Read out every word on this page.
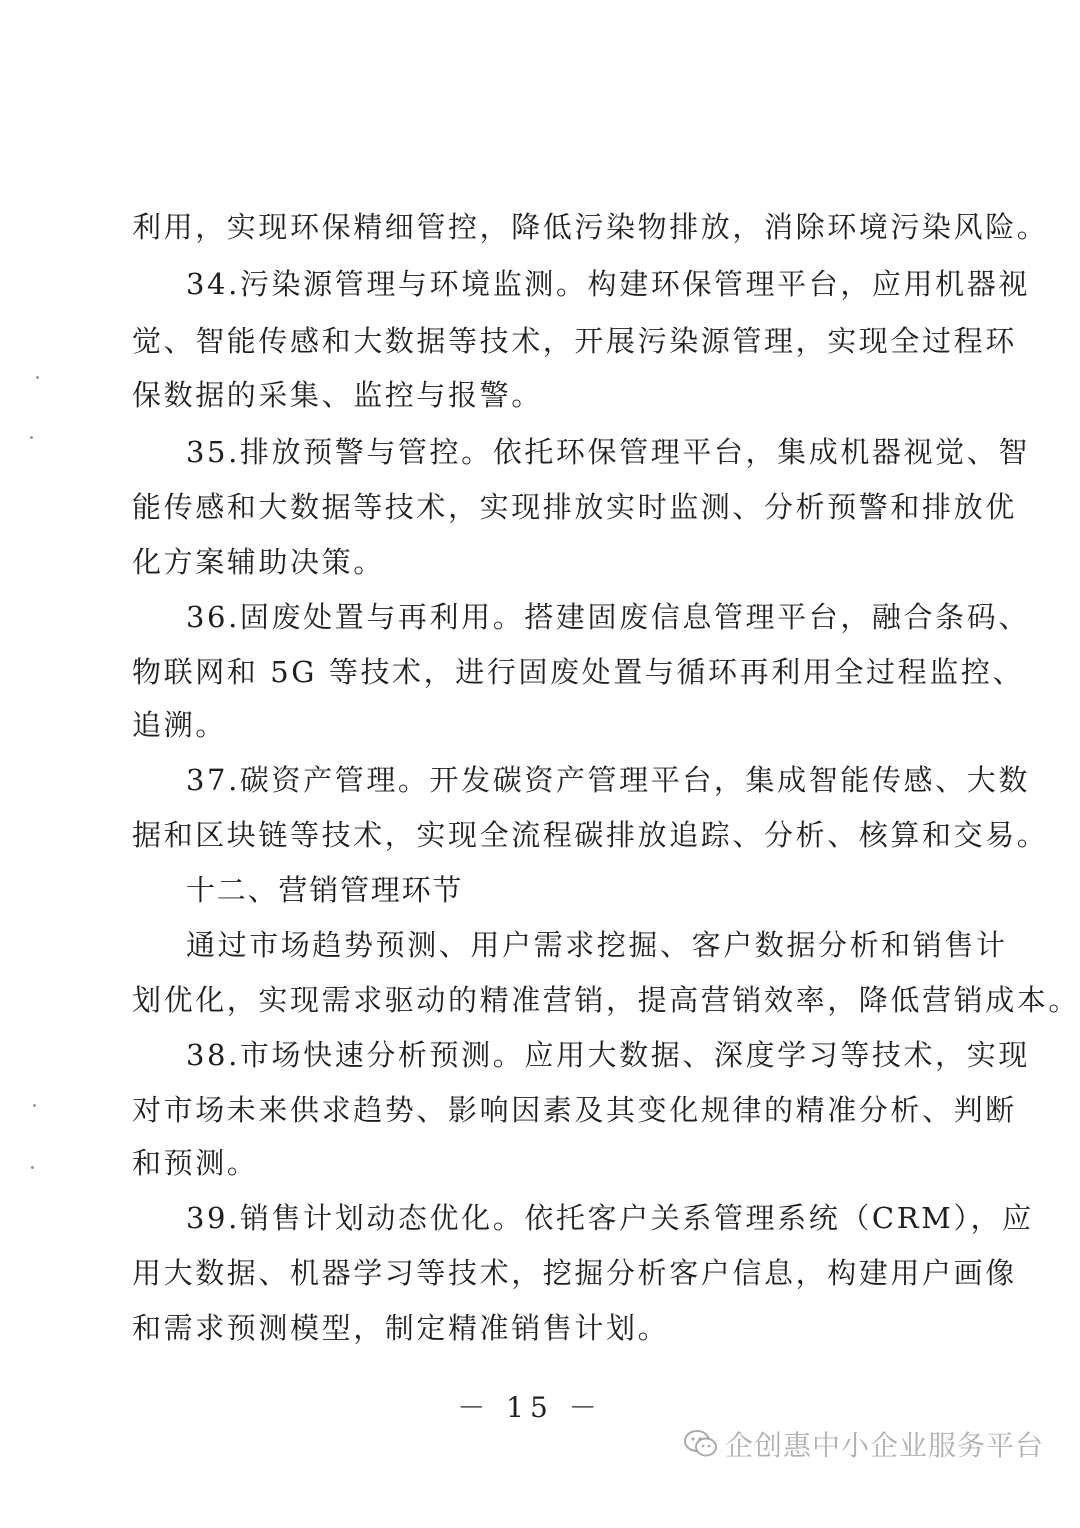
利用，实现环保精细管控，降低污染物排放，消除环境污染风险。
34.污染源管理与环境监测。构建环保管理平台，应用机器视
觉、智能传感和大数据等技术，开展污染源管理，实现全过程环
保数据的采集、监控与报警。
35.排放预警与管控。依托环保管理平台，集成机器视觉、智
能传感和大数据等技术，实现排放实时监测、分析预警和排放优
化方案辅助决策。
36.固废处置与再利用。搭建固废信息管理平台，融合条码、
物联网和 5G 等技术，进行固废处置与循环再利用全过程监控、
追溯。
37.碳资产管理。开发碳资产管理平台，集成智能传感、大数
据和区块链等技术，实现全流程碳排放追踪、分析、核算和交易。
十二、营销管理环节
通过市场趋势预测、用户需求挖掘、客户数据分析和销售计
划优化，实现需求驱动的精准营销，提高营销效率，降低营销成本。
38.市场快速分析预测。应用大数据、深度学习等技术，实现
对市场未来供求趋势、影响因素及其变化规律的精准分析、判断
和预测。
39.销售计划动态优化。依托客户关系管理系统（CRM），应
用大数据、机器学习等技术，挖掘分析客户信息，构建用户画像
和需求预测模型，制定精准销售计划。
－ 15 －
企创惠中小企业服务平台
